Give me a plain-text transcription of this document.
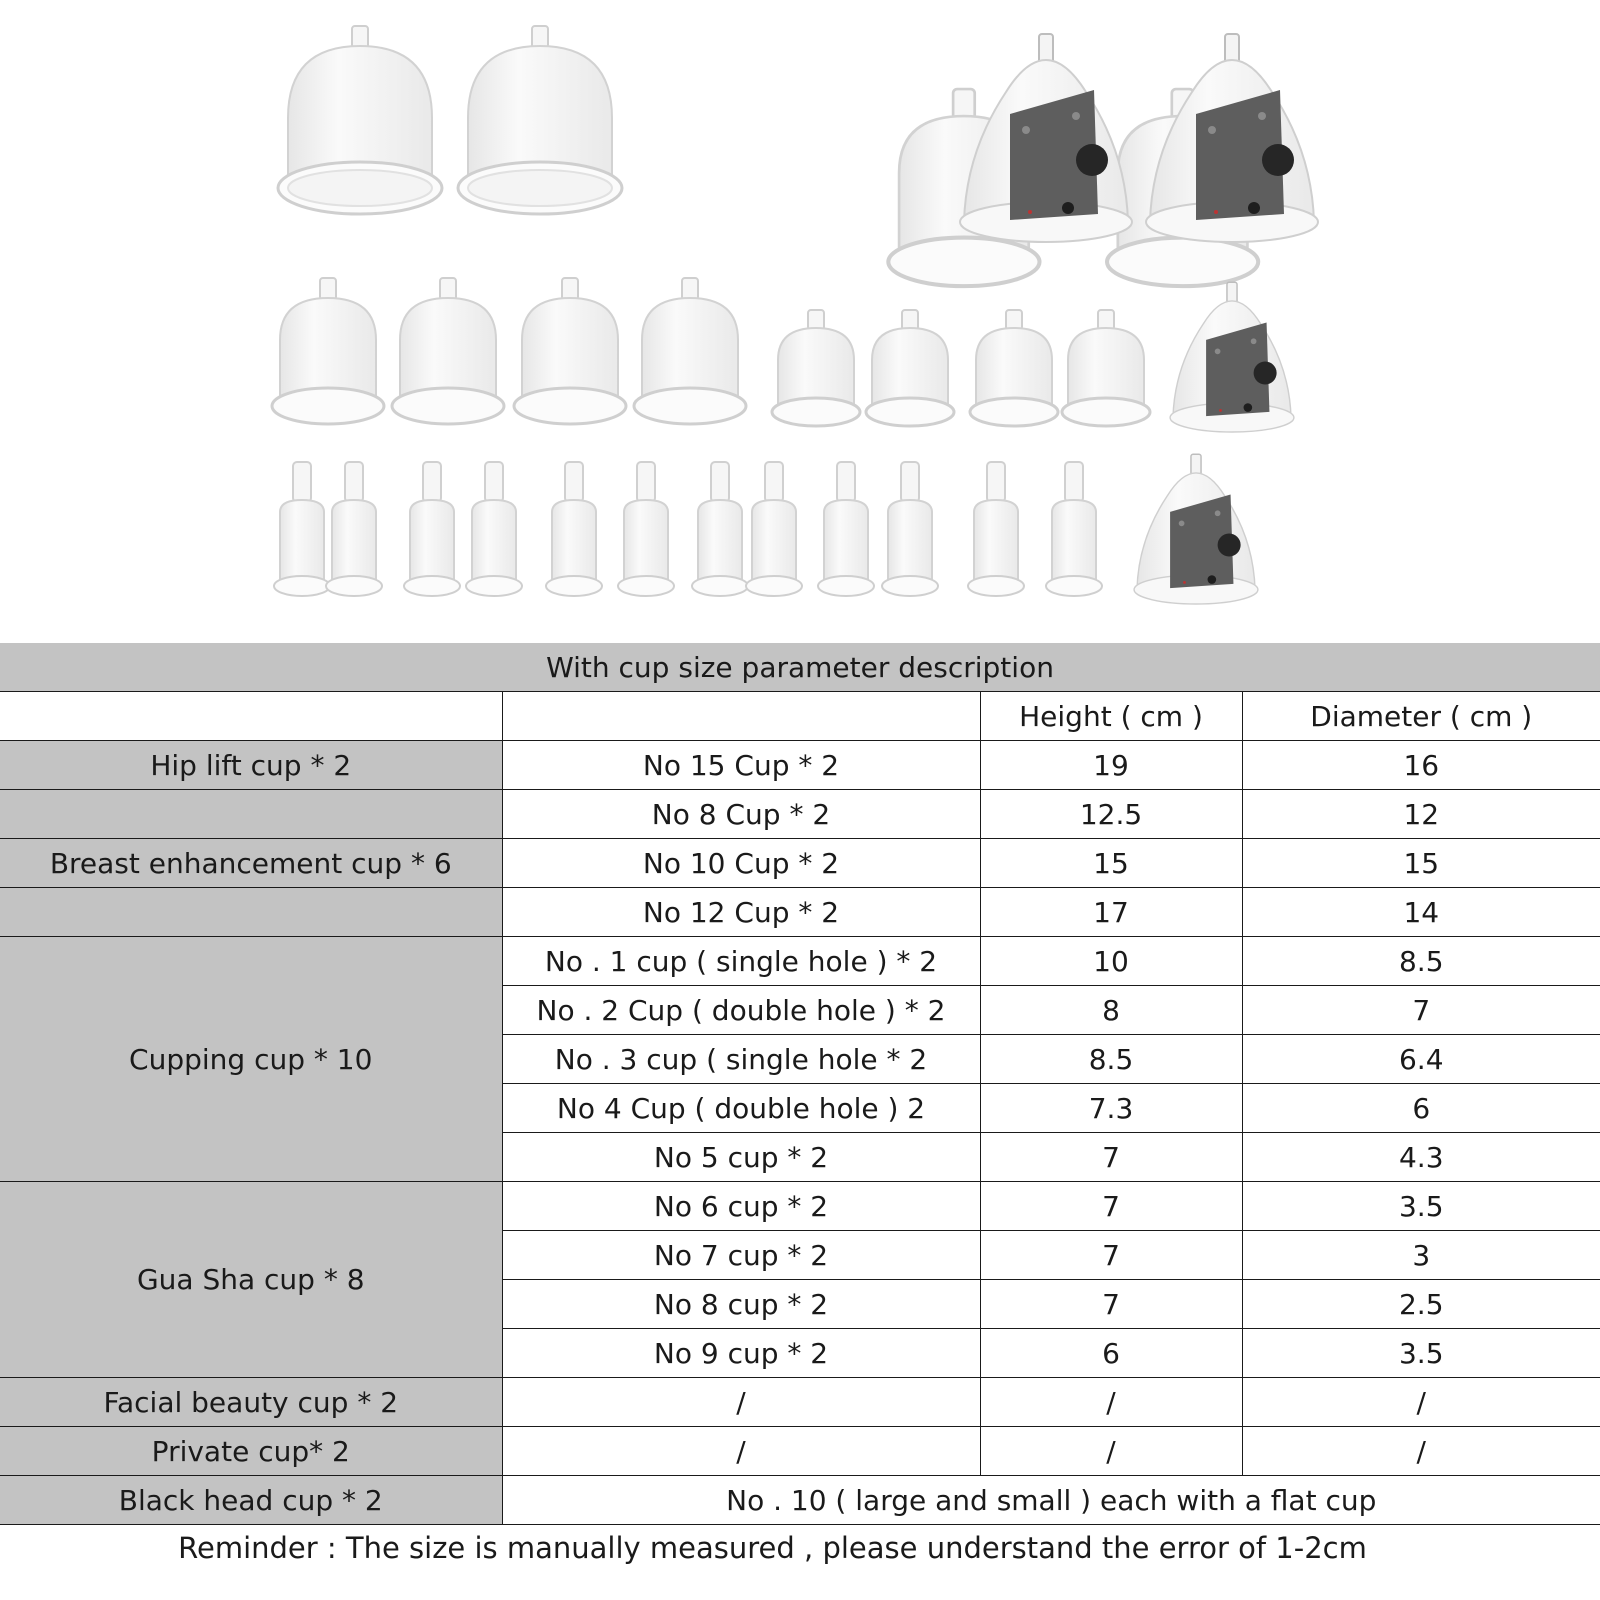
With cup size parameter description			
		Height ( cm )	Diameter ( cm )
Hip lift cup * 2	No 15 Cup * 2	19	16
	No 8 Cup * 2	12.5	12
Breast enhancement cup * 6	No 10 Cup * 2	15	15
	No 12 Cup * 2	17	14
Cupping cup * 10	No . 1 cup ( single hole ) * 2	10	8.5
	No . 2 Cup ( double hole ) * 2	8	7
	No . 3 cup ( single hole * 2	8.5	6.4
	No 4 Cup ( double hole ) 2	7.3	6
	No 5 cup * 2	7	4.3
Gua Sha cup * 8	No 6 cup * 2	7	3.5
	No 7 cup * 2	7	3
	No 8 cup * 2	7	2.5
	No 9 cup * 2	6	3.5
Facial beauty cup * 2	/	/	/
Private cup* 2	/	/	/
Black head cup * 2	No . 10 ( large and small ) each with a flat cup		
Reminder : The size is manually measured , please understand the error of 1-2cm
